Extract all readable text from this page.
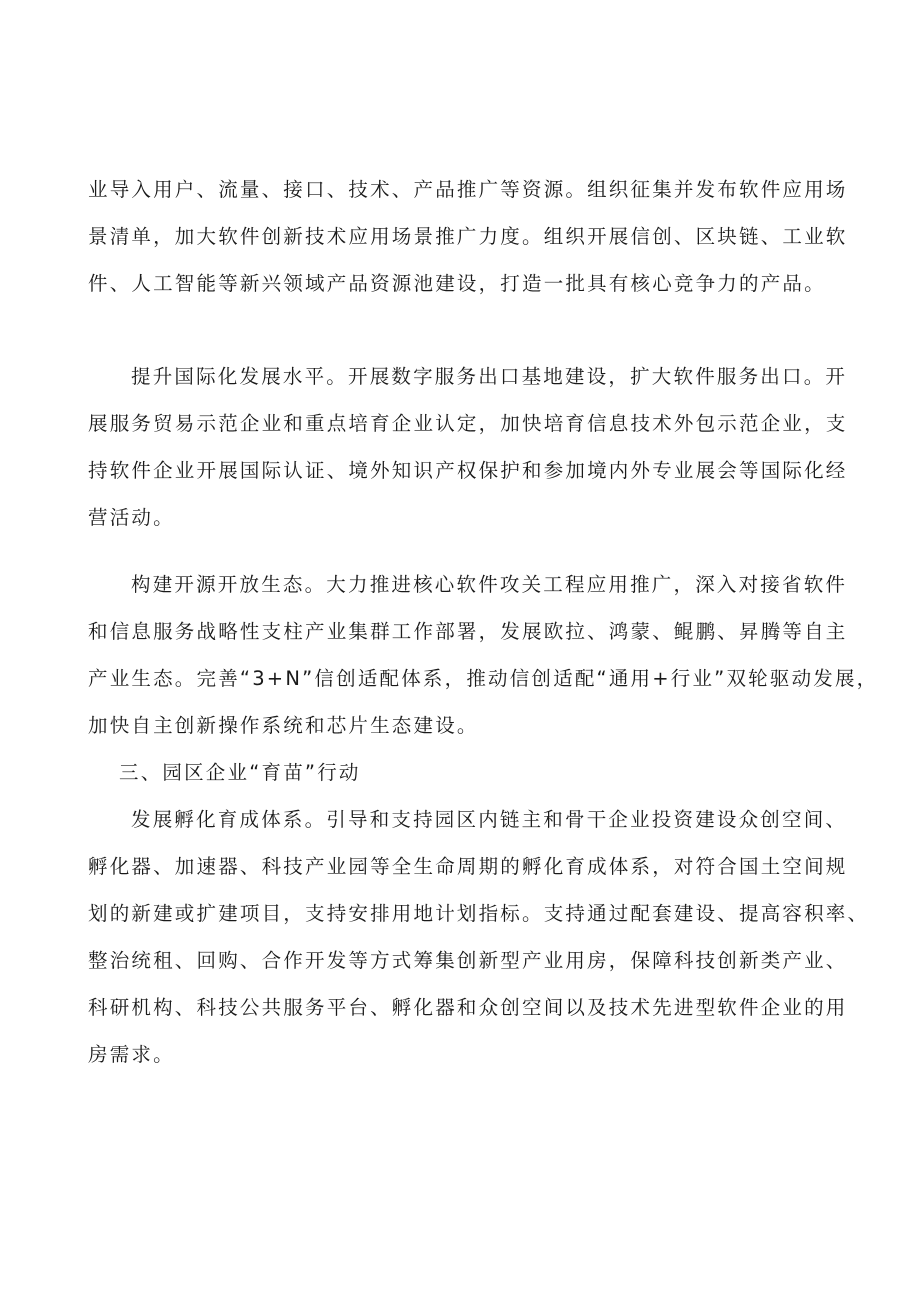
业导入用户、流量、接口、技术、产品推广等资源。组织征集并发布软件应用场
景清单，加大软件创新技术应用场景推广力度。组织开展信创、区块链、工业软
件、人工智能等新兴领域产品资源池建设，打造一批具有核心竞争力的产品。
提升国际化发展水平。开展数字服务出口基地建设，扩大软件服务出口。开
展服务贸易示范企业和重点培育企业认定，加快培育信息技术外包示范企业，支
持软件企业开展国际认证、境外知识产权保护和参加境内外专业展会等国际化经
营活动。
构建开源开放生态。大力推进核心软件攻关工程应用推广，深入对接省软件
和信息服务战略性支柱产业集群工作部署，发展欧拉、鸿蒙、鲲鹏、昇腾等自主
产业生态。完善“3+N”信创适配体系，推动信创适配“通用+行业”双轮驱动发展，
加快自主创新操作系统和芯片生态建设。
三、园区企业“育苗”行动
发展孵化育成体系。引导和支持园区内链主和骨干企业投资建设众创空间、
孵化器、加速器、科技产业园等全生命周期的孵化育成体系，对符合国土空间规
划的新建或扩建项目，支持安排用地计划指标。支持通过配套建设、提高容积率、
整治统租、回购、合作开发等方式筹集创新型产业用房，保障科技创新类产业、
科研机构、科技公共服务平台、孵化器和众创空间以及技术先进型软件企业的用
房需求。
